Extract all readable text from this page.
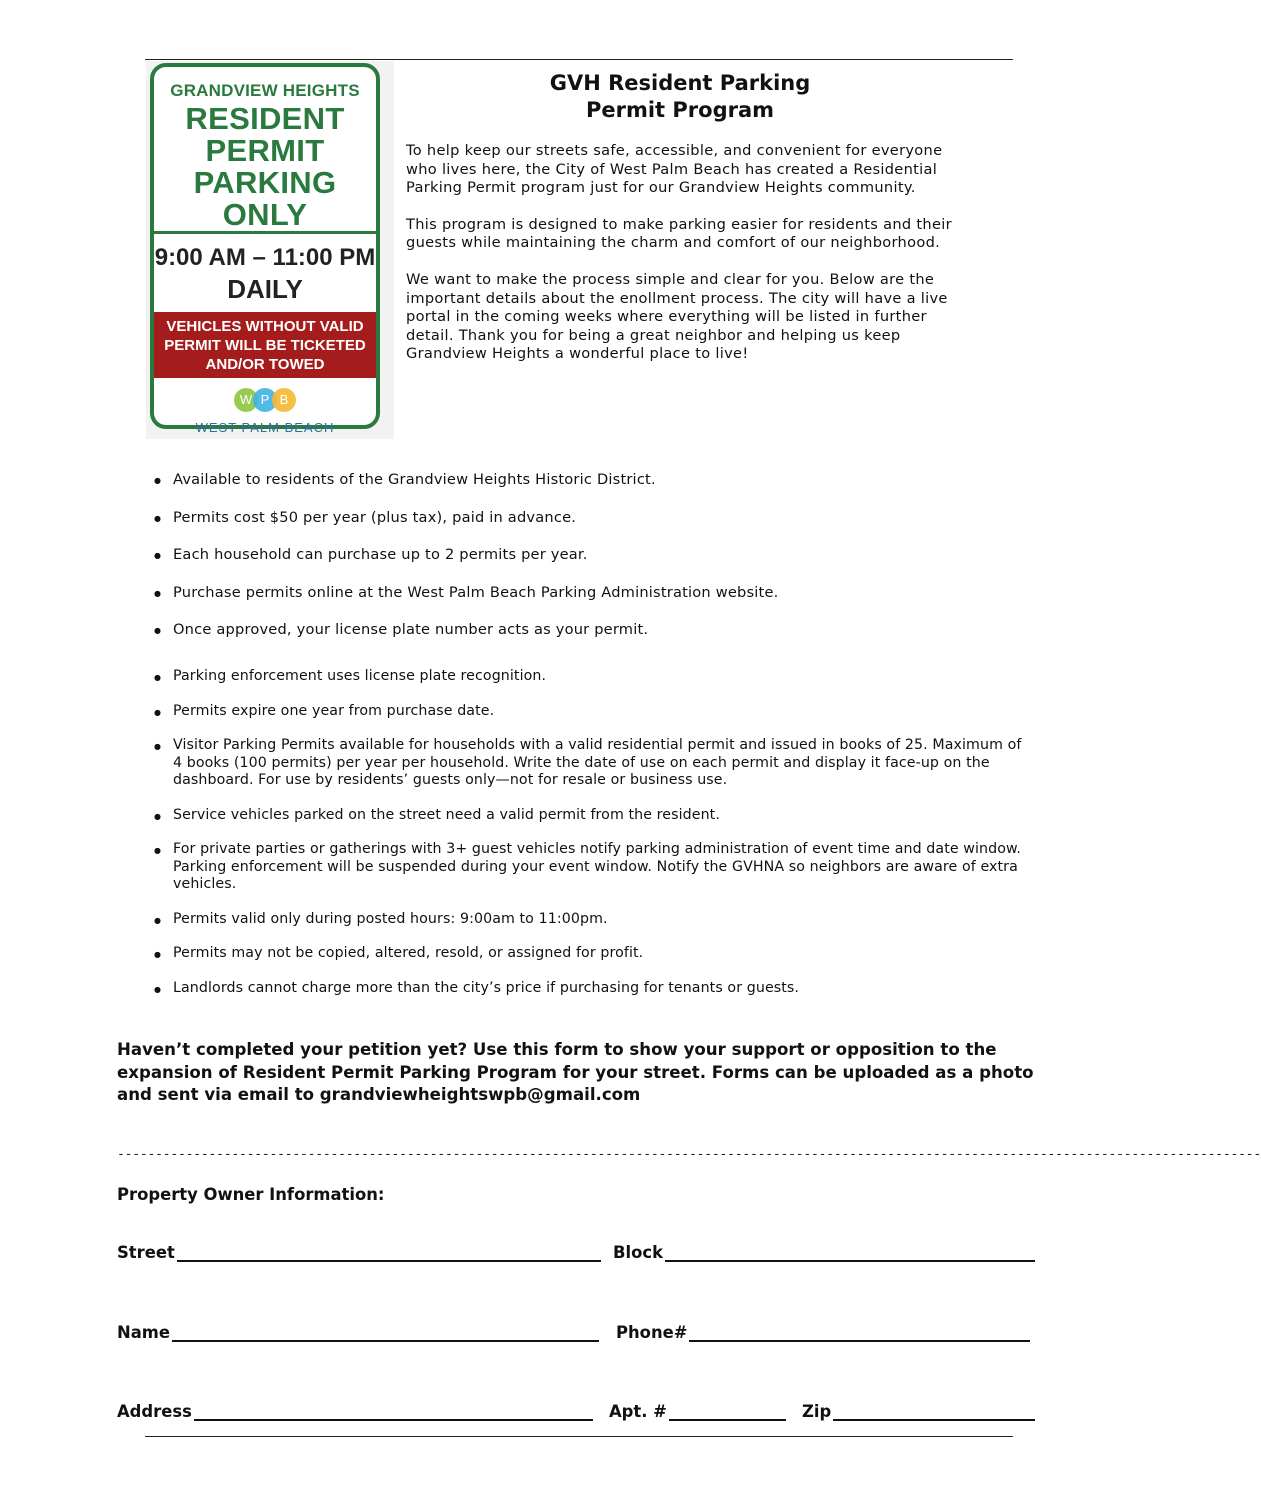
GRANDVIEW HEIGHTS
RESIDENT
PERMIT
PARKING ONLY
9:00 AM – 11:00 PM
DAILY
VEHICLES WITHOUT VALID
PERMIT WILL BE TICKETED
AND/OR TOWED
W P B
WEST PALM BEACH
GVH Resident Parking
Permit Program

To help keep our streets safe, accessible, and convenient for everyone who lives here, the City of West Palm Beach has created a Residential Parking Permit program just for our Grandview Heights community.

This program is designed to make parking easier for residents and their guests while maintaining the charm and comfort of our neighborhood.

We want to make the process simple and clear for you. Below are the important details about the enollment process. The city will have a live portal in the coming weeks where everything will be listed in further detail. Thank you for being a great neighbor and helping us keep Grandview Heights a wonderful place to live!

● Available to residents of the Grandview Heights Historic District.
● Permits cost $50 per year (plus tax), paid in advance.
● Each household can purchase up to 2 permits per year.
● Purchase permits online at the West Palm Beach Parking Administration website.
● Once approved, your license plate number acts as your permit.
● Parking enforcement uses license plate recognition.
● Permits expire one year from purchase date.
● Visitor Parking Permits available for households with a valid residential permit and issued in books of 25. Maximum of 4 books (100 permits) per year per household. Write the date of use on each permit and display it face-up on the dashboard. For use by residents’ guests only—not for resale or business use.
● Service vehicles parked on the street need a valid permit from the resident.
● For private parties or gatherings with 3+ guest vehicles notify parking administration of event time and date window. Parking enforcement will be suspended during your event window. Notify the GVHNA so neighbors are aware of extra vehicles.
● Permits valid only during posted hours: 9:00am to 11:00pm.
● Permits may not be copied, altered, resold, or assigned for profit.
● Landlords cannot charge more than the city’s price if purchasing for tenants or guests.
Haven’t completed your petition yet? Use this form to show your support or opposition to the expansion of Resident Permit Parking Program for your street. Forms can be uploaded as a photo and sent via email to grandviewheightswpb@gmail.com
------------------------------------------------------------------------------------------------------------------------------------------------------
Property Owner Information:
Street	Block
Name	Phone#
Address	Apt. #	Zip
